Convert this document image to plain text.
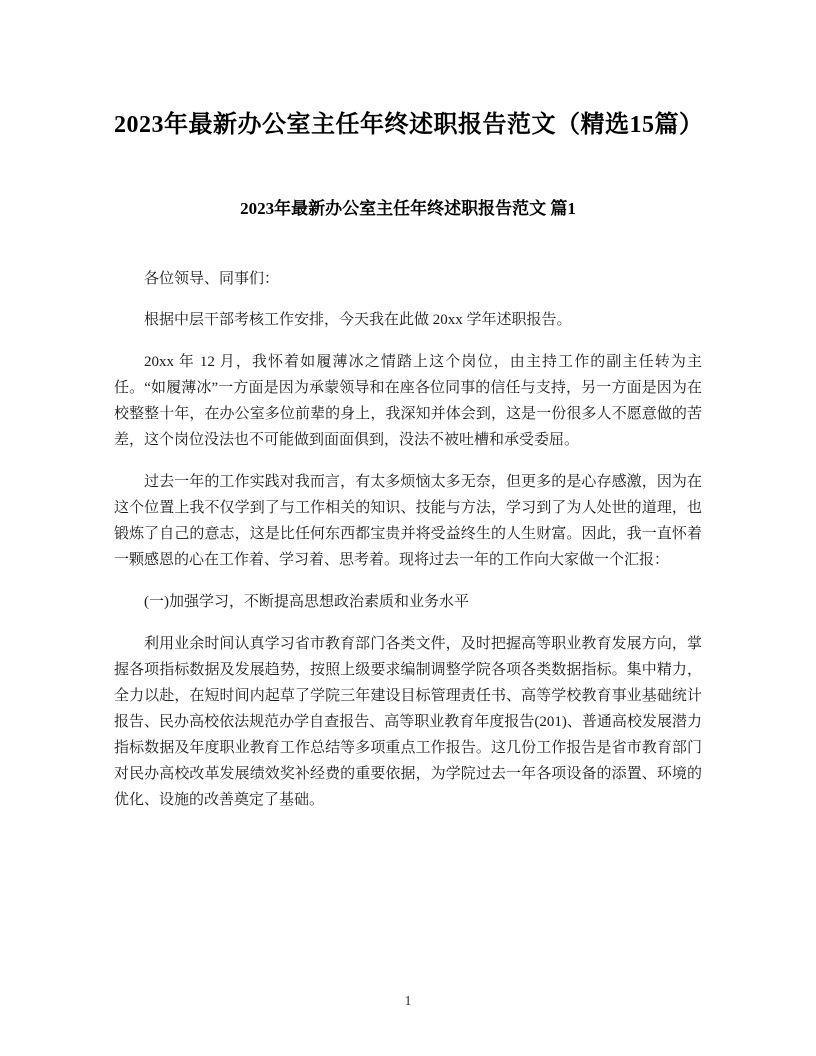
2023年最新办公室主任年终述职报告范文（精选15篇）
2023年最新办公室主任年终述职报告范文 篇1

各位领导、同事们：

根据中层干部考核工作安排，今天我在此做 20xx 学年述职报告。

20xx 年 12 月，我怀着如履薄冰之情踏上这个岗位，由主持工作的副主任转为主任。“如履薄冰”一方面是因为承蒙领导和在座各位同事的信任与支持，另一方面是因为在校整整十年，在办公室多位前辈的身上，我深知并体会到，这是一份很多人不愿意做的苦差，这个岗位没法也不可能做到面面俱到，没法不被吐槽和承受委屈。

过去一年的工作实践对我而言，有太多烦恼太多无奈，但更多的是心存感激，因为在这个位置上我不仅学到了与工作相关的知识、技能与方法，学习到了为人处世的道理，也锻炼了自己的意志，这是比任何东西都宝贵并将受益终生的人生财富。因此，我一直怀着一颗感恩的心在工作着、学习着、思考着。现将过去一年的工作向大家做一个汇报：

(一)加强学习，不断提高思想政治素质和业务水平

利用业余时间认真学习省市教育部门各类文件，及时把握高等职业教育发展方向，掌握各项指标数据及发展趋势，按照上级要求编制调整学院各项各类数据指标。集中精力，全力以赴，在短时间内起草了学院三年建设目标管理责任书、高等学校教育事业基础统计报告、民办高校依法规范办学自查报告、高等职业教育年度报告(201)、普通高校发展潜力指标数据及年度职业教育工作总结等多项重点工作报告。这几份工作报告是省市教育部门对民办高校改革发展绩效奖补经费的重要依据，为学院过去一年各项设备的添置、环境的优化、设施的改善奠定了基础。

1
